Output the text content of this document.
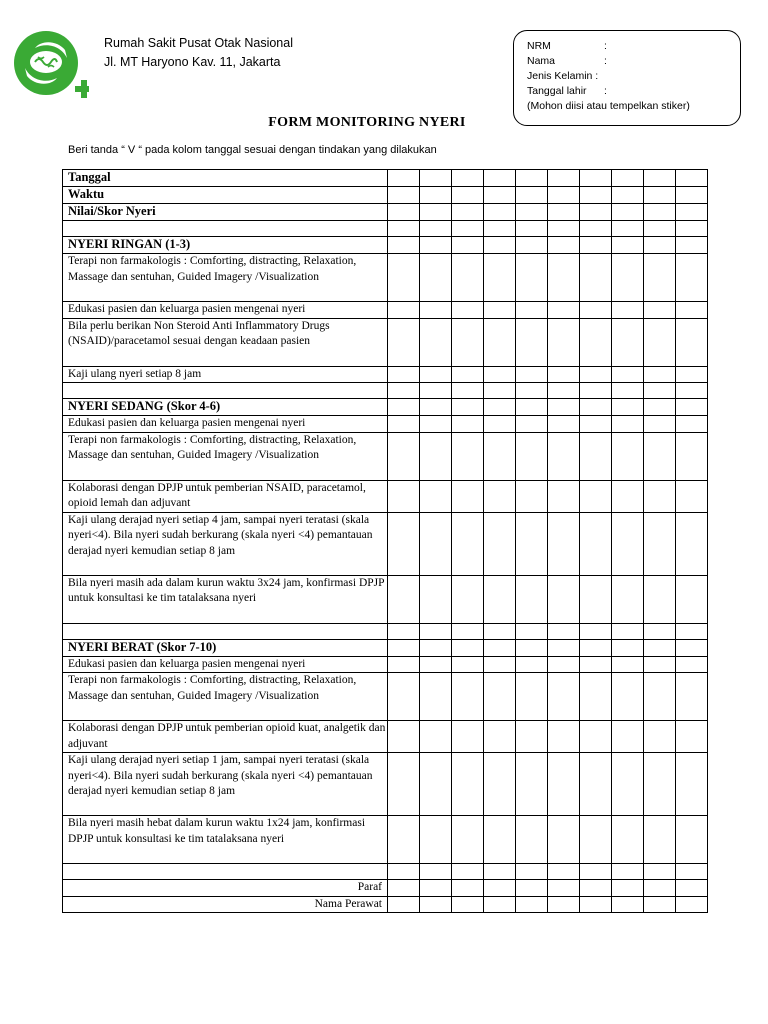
Rumah Sakit Pusat Otak Nasional
Jl. MT Haryono Kav. 11, Jakarta
NRM	:
Nama	:
Jenis Kelamin :
Tanggal lahir	:
(Mohon diisi atau tempelkan stiker)
FORM MONITORING NYERI
Beri tanda “ V “ pada kolom tanggal sesuai dengan tindakan yang dilakukan
Tanggal										
Waktu										
Nilai/Skor Nyeri										

NYERI RINGAN (1-3)										
Terapi non farmakologis : Comforting, distracting, Relaxation, Massage dan sentuhan, Guided Imagery /Visualization										
Edukasi pasien dan keluarga pasien mengenai nyeri										
Bila perlu berikan Non Steroid Anti Inflammatory Drugs (NSAID)/paracetamol sesuai dengan keadaan pasien										
Kaji ulang nyeri setiap 8 jam										

NYERI SEDANG (Skor 4-6)										
Edukasi pasien dan keluarga pasien mengenai nyeri										
Terapi non farmakologis : Comforting, distracting, Relaxation, Massage dan sentuhan, Guided Imagery /Visualization										
Kolaborasi dengan DPJP untuk pemberian NSAID, paracetamol, opioid lemah dan adjuvant										
Kaji ulang derajad nyeri setiap 4 jam, sampai nyeri teratasi (skala nyeri<4). Bila nyeri sudah berkurang (skala nyeri <4) pemantauan derajad nyeri kemudian setiap 8 jam										
Bila nyeri masih ada dalam kurun waktu 3x24 jam, konfirmasi DPJP untuk konsultasi ke tim tatalaksana nyeri										

NYERI BERAT (Skor 7-10)										
Edukasi pasien dan keluarga pasien mengenai nyeri										
Terapi non farmakologis : Comforting, distracting, Relaxation, Massage dan sentuhan, Guided Imagery /Visualization										
Kolaborasi dengan DPJP untuk pemberian opioid kuat, analgetik dan adjuvant										
Kaji ulang derajad nyeri setiap 1 jam, sampai nyeri teratasi (skala nyeri<4). Bila nyeri sudah berkurang (skala nyeri <4) pemantauan derajad nyeri kemudian setiap 8 jam										
Bila nyeri masih hebat dalam kurun waktu 1x24 jam, konfirmasi DPJP untuk konsultasi ke tim tatalaksana nyeri										

Paraf										
Nama Perawat										
